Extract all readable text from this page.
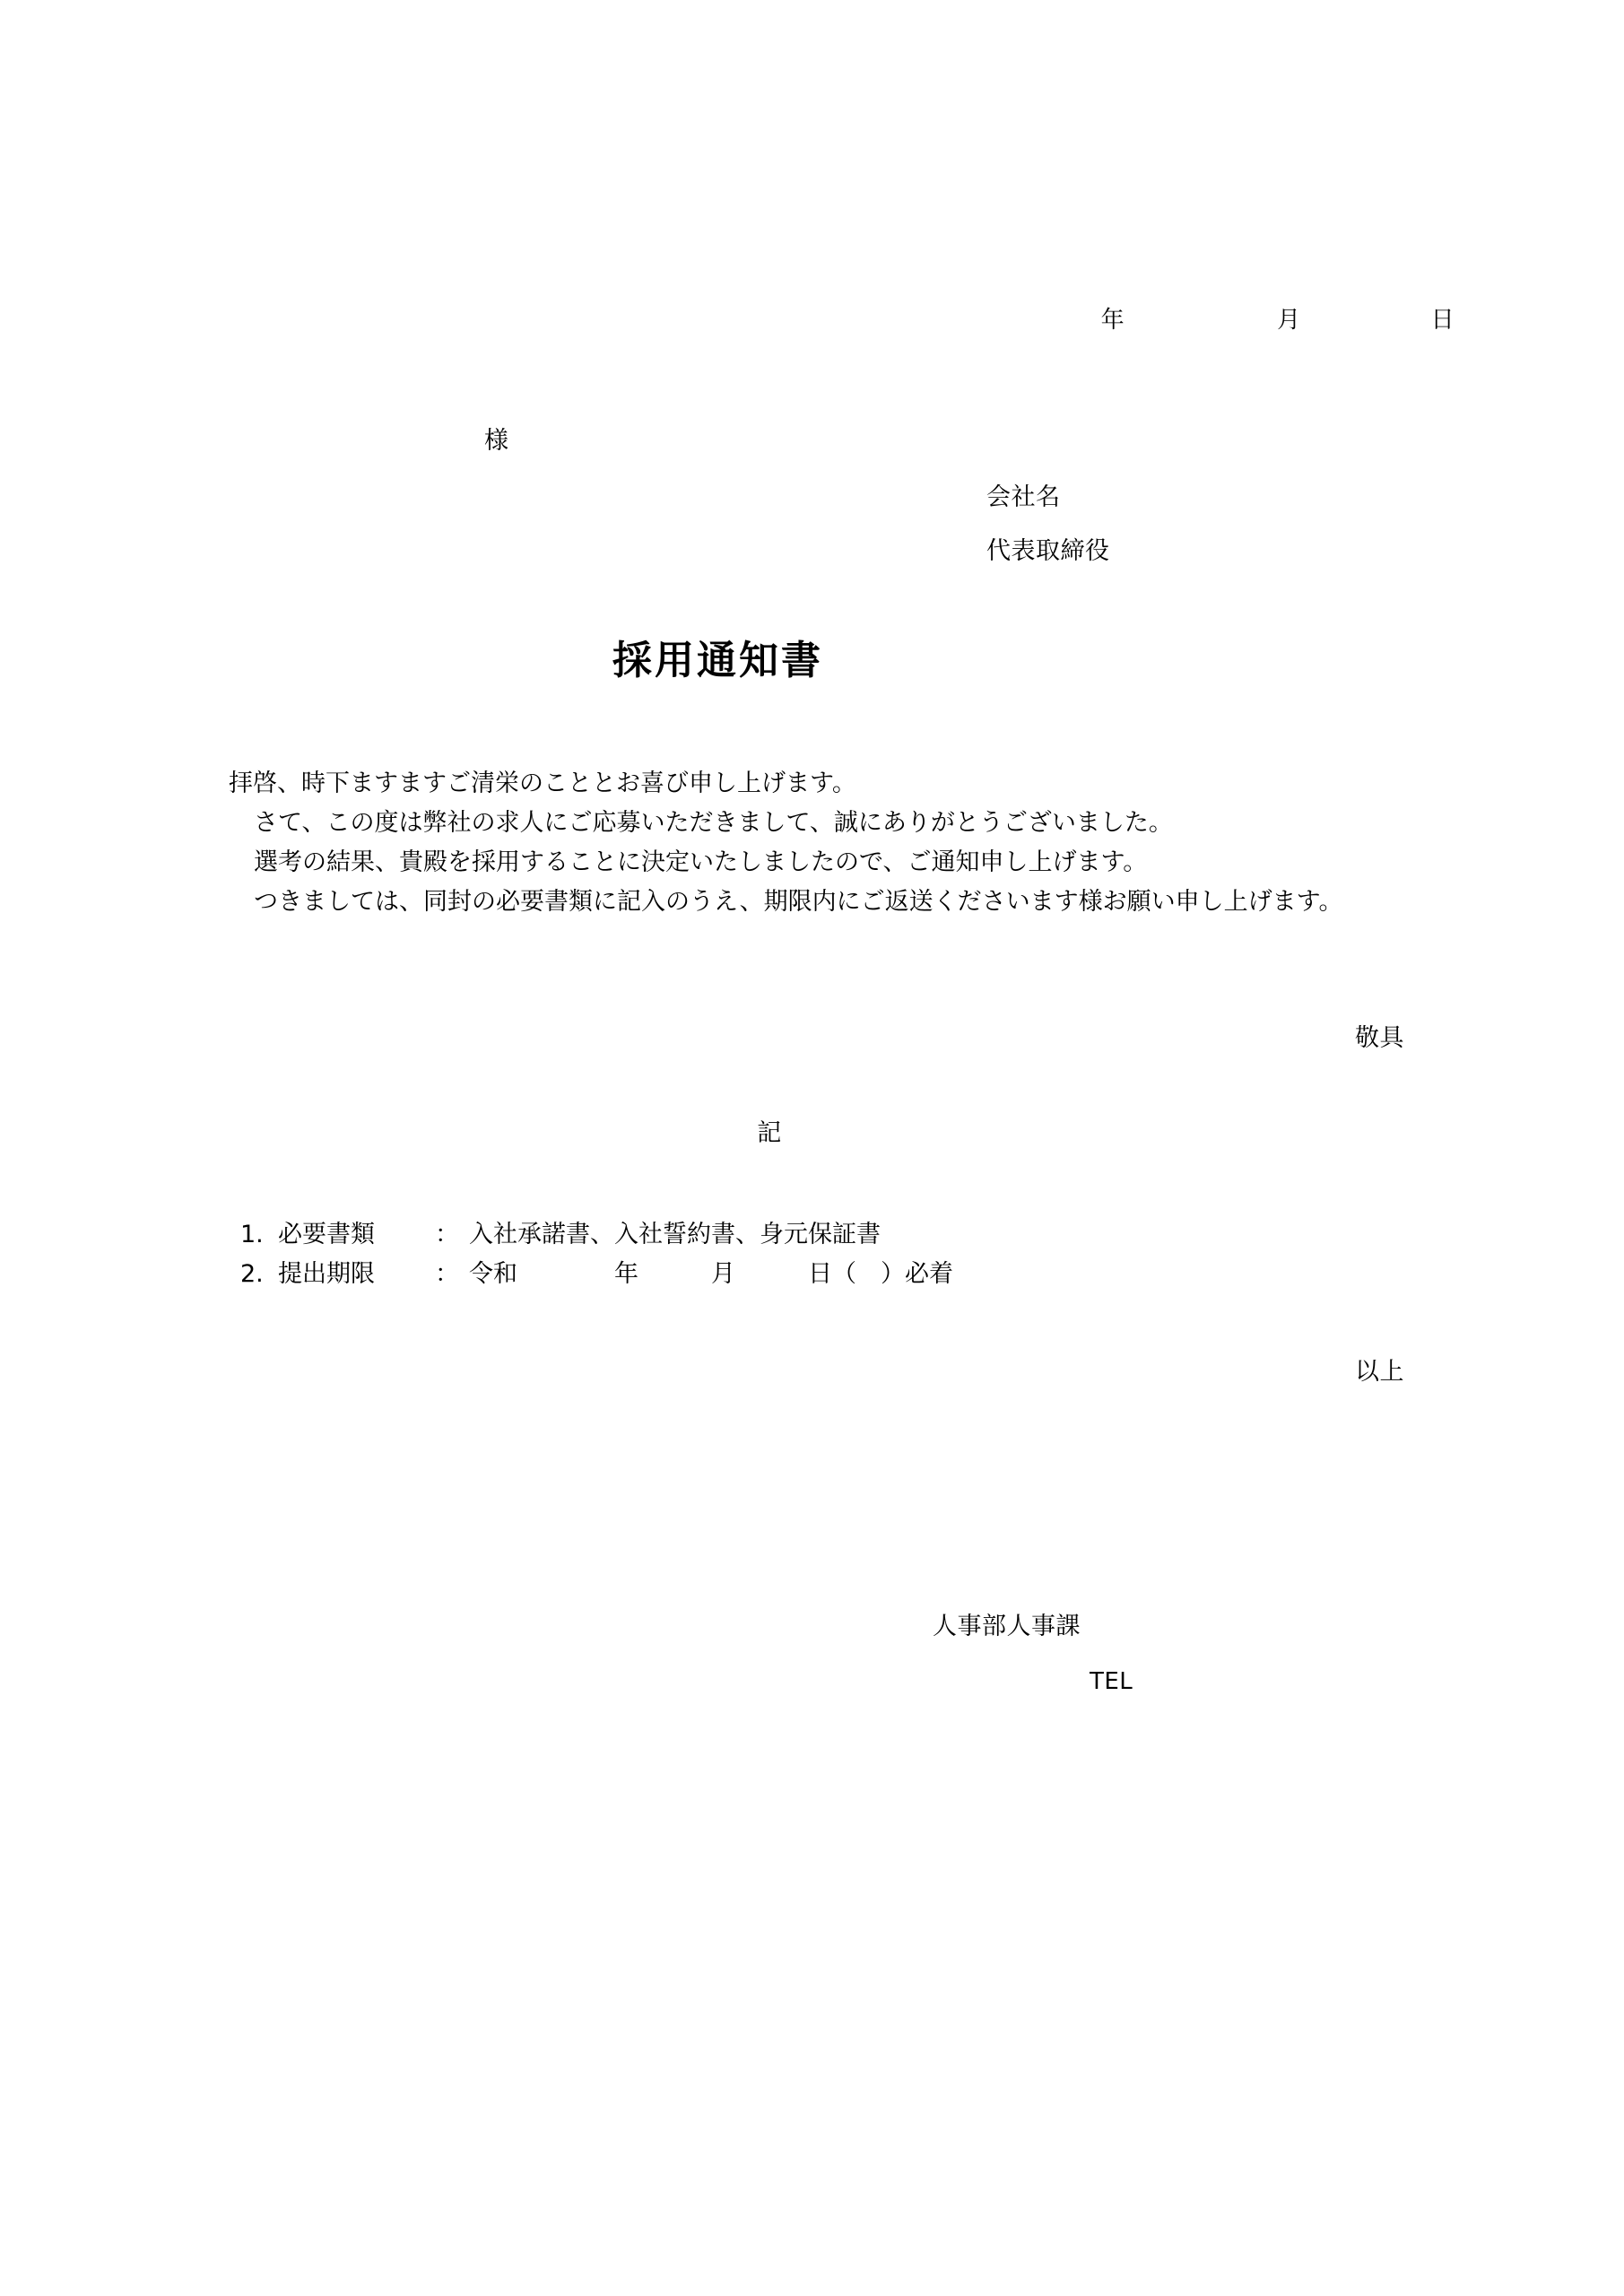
年	月	日

様
会社名
代表取締役
採用通知書

拝啓、時下ますますご清栄のこととお喜び申し上げます。

さて、この度は弊社の求人にご応募いただきまして、誠にありがとうございました。

選考の結果、貴殿を採用することに決定いたしましたので、ご通知申し上げます。

つきましては、同封の必要書類に記入のうえ、期限内にご返送くださいます様お願い申し上げます。

敬具
記
1. 必要書類	： 入社承諾書、入社誓約書、身元保証書
2. 提出期限	： 令和　　　　年　　　月　　　日（　）必着
以上
人事部人事課
TEL
